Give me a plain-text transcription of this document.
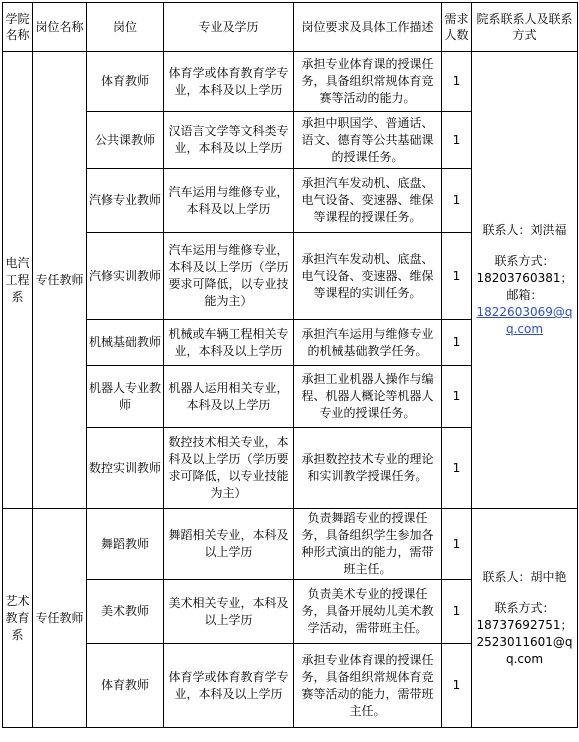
学院名称	岗位名称	岗位	专业及学历	岗位要求及具体工作描述	需求人数	院系联系人及联系方式
电汽工程系	专任教师	体育教师	体育学或体育教育学专业，本科及以上学历	承担专业体育课的授课任务，具备组织常规体育竞赛等活动的能力。	1	联系人：刘洪福
联系方式：
18203760381；
邮箱：
1822603069@qq.com

		公共课教师	汉语言文学等文科类专业，本科及以上学历	承担中职国学、普通话、语文、德育等公共基础课的授课任务。	1	
		汽修专业教师	汽车运用与维修专业，本科及以上学历	承担汽车发动机、底盘、电气设备、变速器、维保等课程的授课任务。	1	
		汽修实训教师	汽车运用与维修专业，本科及以上学历（学历要求可降低，以专业技能为主）	承担汽车发动机、底盘、电气设备、变速器、维保等课程的实训任务。	1	
		机械基础教师	机械或车辆工程相关专业，本科及以上学历	承担汽车运用与维修专业的机械基础教学任务。	1	
		机器人专业教师	机器人运用相关专业，本科及以上学历	承担工业机器人操作与编程、机器人概论等机器人专业的授课任务。	1	
		数控实训教师	数控技术相关专业，本科及以上学历（学历要求可降低，以专业技能为主）	承担数控技术专业的理论和实训教学授课任务。	1	
艺术教育系	专任教师	舞蹈教师	舞蹈相关专业，本科及以上学历	负责舞蹈专业的授课任务，具备组织学生参加各种形式演出的能力，需带班主任。	1	联系人：胡中艳
联系方式：
18737692751；
2523011601@qq.com

		美术教师	美术相关专业，本科及以上学历	负责美术专业的授课任务，具备开展幼儿美术教学活动，需带班主任。	1	
		体育教师	体育学或体育教育学专业，本科及以上学历	承担专业体育课的授课任务，具备组织常规体育竞赛等活动的能力，需带班主任。	1	
